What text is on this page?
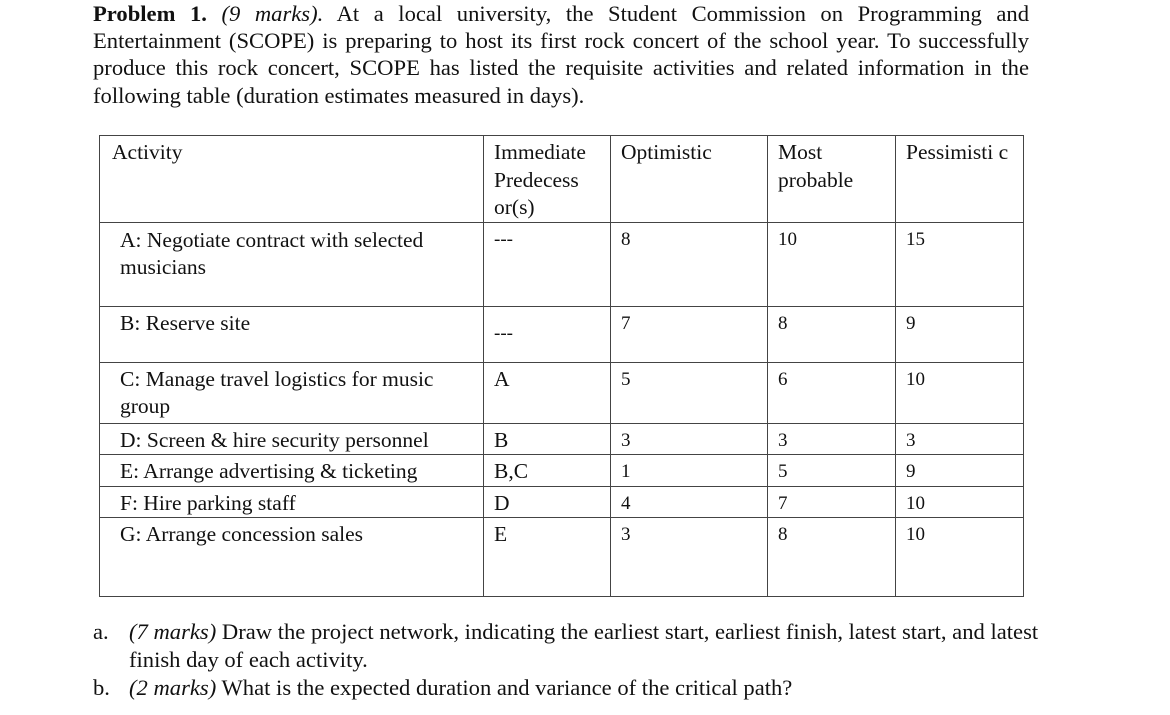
Problem 1. (9 marks). At a local university, the Student Commission on Programming and Entertainment (SCOPE) is preparing to host its first rock concert of the school year. To successfully produce this rock concert, SCOPE has listed the requisite activities and related information in the following table (duration estimates measured in days).
Activity	Immediate Predecess or(s)	Optimistic	Most probable	Pessimisti c

A: Negotiate contract with selected musicians	---	8	10	15

B: Reserve site	---	7	8	9

C: Manage travel logistics for music group	A	5	6	10

D: Screen & hire security personnel	B	3	3	3

E: Arrange advertising & ticketing	B,C	1	5	9

F: Hire parking staff	D	4	7	10

G: Arrange concession sales	E	3	8	10
a. (7 marks) Draw the project network, indicating the earliest start, earliest finish, latest start, and latest finish day of each activity.
b. (2 marks) What is the expected duration and variance of the critical path?
